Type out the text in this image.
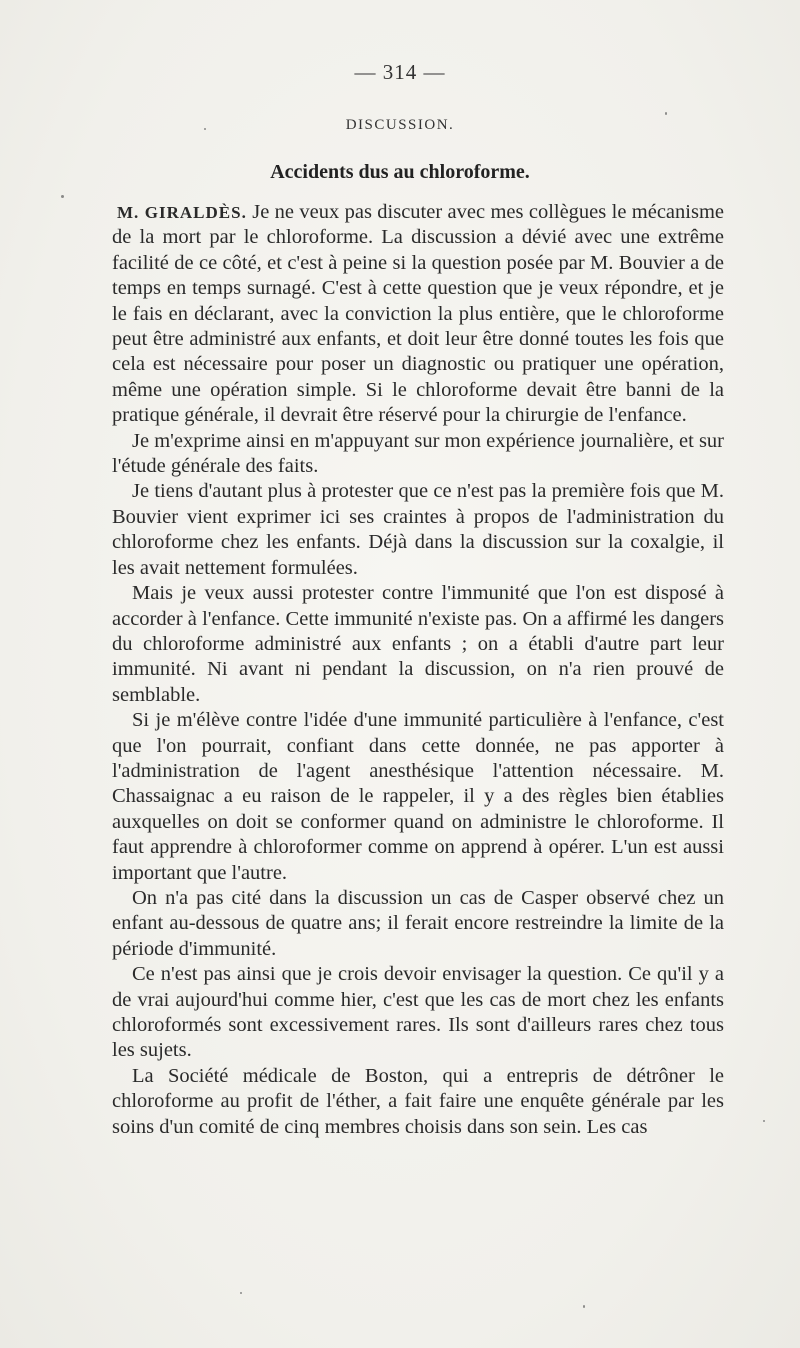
— 314 —
DISCUSSION.
Accidents dus au chloroforme.

M. GIRALDÈS. Je ne veux pas discuter avec mes collègues le mécanisme de la mort par le chloroforme. La discussion a dévié avec une extrême facilité de ce côté, et c'est à peine si la question posée par M. Bouvier a de temps en temps surnagé. C'est à cette question que je veux répondre, et je le fais en déclarant, avec la conviction la plus entière, que le chloroforme peut être administré aux enfants, et doit leur être donné toutes les fois que cela est nécessaire pour poser un diagnostic ou pratiquer une opération, même une opération simple. Si le chloroforme devait être banni de la pratique générale, il devrait être réservé pour la chirurgie de l'enfance.

Je m'exprime ainsi en m'appuyant sur mon expérience journalière, et sur l'étude générale des faits.

Je tiens d'autant plus à protester que ce n'est pas la première fois que M. Bouvier vient exprimer ici ses craintes à propos de l'administration du chloroforme chez les enfants. Déjà dans la discussion sur la coxalgie, il les avait nettement formulées.

Mais je veux aussi protester contre l'immunité que l'on est disposé à accorder à l'enfance. Cette immunité n'existe pas. On a affirmé les dangers du chloroforme administré aux enfants ; on a établi d'autre part leur immunité. Ni avant ni pendant la discussion, on n'a rien prouvé de semblable.

Si je m'élève contre l'idée d'une immunité particulière à l'enfance, c'est que l'on pourrait, confiant dans cette donnée, ne pas apporter à l'administration de l'agent anesthésique l'attention nécessaire. M. Chassaignac a eu raison de le rappeler, il y a des règles bien établies auxquelles on doit se conformer quand on administre le chloroforme. Il faut apprendre à chloroformer comme on apprend à opérer. L'un est aussi important que l'autre.

On n'a pas cité dans la discussion un cas de Casper observé chez un enfant au-dessous de quatre ans; il ferait encore restreindre la limite de la période d'immunité.

Ce n'est pas ainsi que je crois devoir envisager la question. Ce qu'il y a de vrai aujourd'hui comme hier, c'est que les cas de mort chez les enfants chloroformés sont excessivement rares. Ils sont d'ailleurs rares chez tous les sujets.

La Société médicale de Boston, qui a entrepris de détrôner le chloroforme au profit de l'éther, a fait faire une enquête générale par les soins d'un comité de cinq membres choisis dans son sein. Les cas
